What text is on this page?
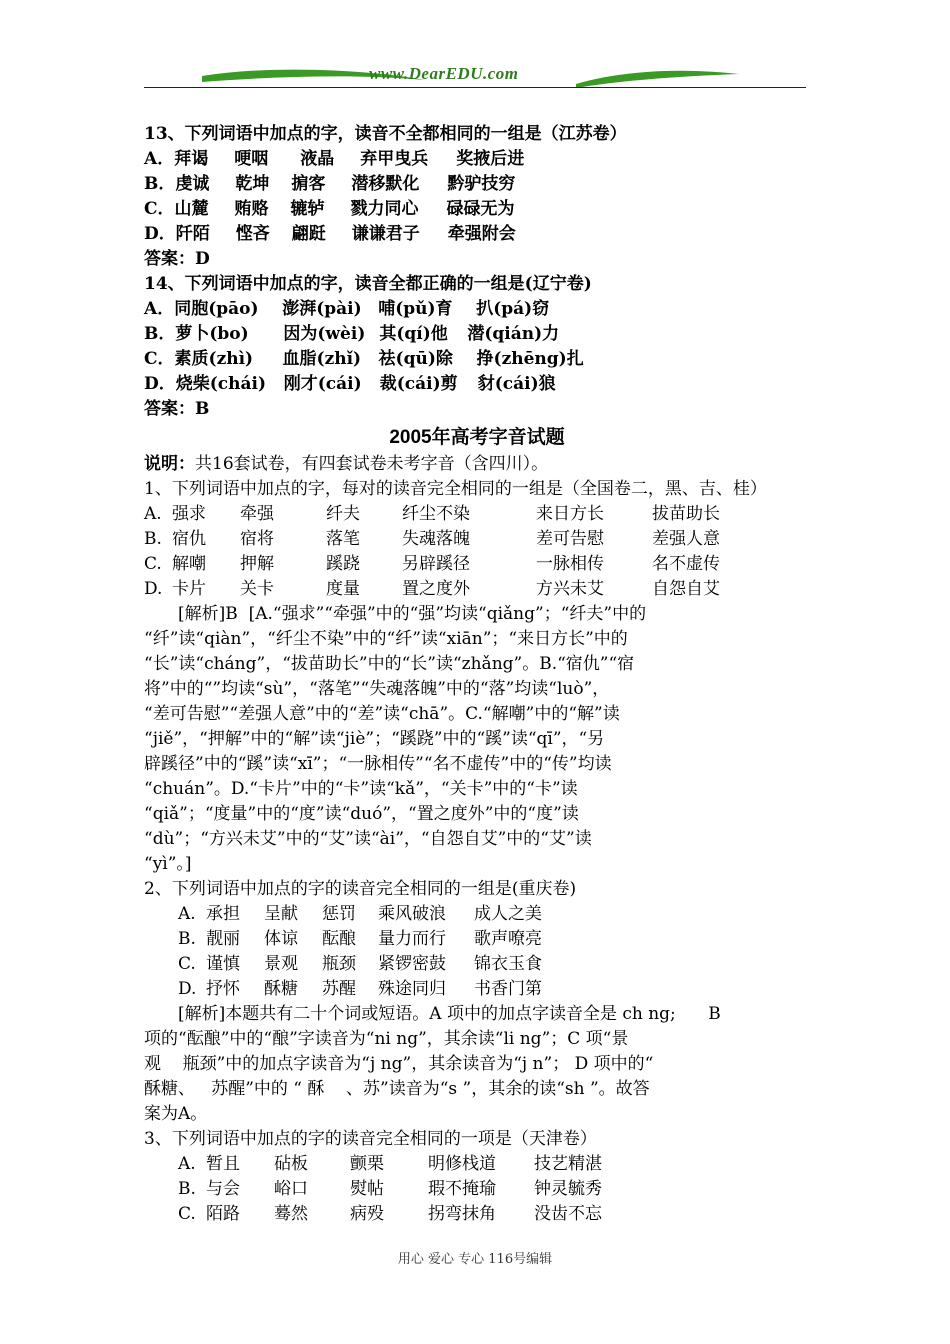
www.DearEDU.com
13、下列词语中加点的字，读音不全都相同的一组是（江苏卷）
A．拜谒 哽咽 液晶 弃甲曳兵 奖掖后进
B．虔诚 乾坤 掮客 潜移默化 黔驴技穷
C．山麓 贿赂 辘轳 戮力同心 碌碌无为
D．阡陌 悭吝 翩跹 谦谦君子 牵强附会
答案：D
14、下列词语中加点的字，读音全都正确的一组是(辽宁卷)
A．同胞(pāo) 澎湃(pài) 哺(pǔ)育 扒(pá)窃
B．萝卜(bo) 因为(wèi) 其(qí)他 潜(qián)力
C．素质(zhì) 血脂(zhǐ) 祛(qū)除 挣(zhēng)扎
D．烧柴(chái) 刚才(cái) 裁(cái)剪 豺(cái)狼
答案：B
2005年高考字音试题
说明：共16套试卷，有四套试卷未考字音（含四川）。
1、下列词语中加点的字，每对的读音完全相同的一组是（全国卷二，黑、吉、桂）
A. 强求 牵强	纤夫 纤尘不染	来日方长	拔苗助长
B. 宿仇 宿将	落笔 失魂落魄	差可告慰	差强人意
C. 解嘲 押解	蹊跷 另辟蹊径	一脉相传	名不虚传
D. 卡片 关卡	度量 置之度外	方兴未艾	自怨自艾
[解析]B  [A.“强求”“牵强”中的“强”均读“qiǎng”；“纤夫”中的
“纤”读“qiàn”，“纤尘不染”中的“纤”读“xiān”；“来日方长”中的
“长”读“cháng”，“拔苗助长”中的“长”读“zhǎng”。B.“宿仇”“宿
将”中的“”均读“sù”，“落笔”“失魂落魄”中的“落”均读“luò”，
“差可告慰”“差强人意”中的“差”读“chā”。C.“解嘲”中的“解”读
“jiě”，“押解”中的“解”读“jiè”；“蹊跷”中的“蹊”读“qī”，“另
辟蹊径”中的“蹊”读“xī”；“一脉相传”“名不虚传”中的“传”均读
“chuán”。D.“卡片”中的“卡”读“kǎ”，“关卡”中的“卡”读
“qiǎ”；“度量”中的“度”读“duó”，“置之度外”中的“度”读
“dù”；“方兴未艾”中的“艾”读“ài”，“自怨自艾”中的“艾”读
“yì”。]
2、下列词语中加点的字的读音完全相同的一组是(重庆卷)
A. 承担 呈献 惩罚 乘风破浪 成人之美
B. 靓丽 体谅 酝酿 量力而行 歌声嘹亮
C. 谨慎 景观 瓶颈 紧锣密鼓 锦衣玉食
D. 抒怀 酥糖 苏醒 殊途同归 书香门第
[解析]本题共有二十个词或短语。A 项中的加点字读音全是 ch ng;      B
项的“酝酿”中的“酿”字读音为“ni ng”，其余读“li ng”；C 项“景
观    瓶颈”中的加点字读音为“j ng”，其余读音为“j n”； D 项中的“
酥糖、   苏醒”中的 “ 酥    、苏”读音为“s ”，其余的读“sh ”。故答
案为A。
3、下列词语中加点的字的读音完全相同的一项是（天津卷）
A. 暂且 砧板 颤栗	明修栈道 技艺精湛
B. 与会 峪口 熨帖	瑕不掩瑜 钟灵毓秀
C. 陌路 蓦然 病殁	拐弯抹角 没齿不忘
用心 爱心 专心 116号编辑
